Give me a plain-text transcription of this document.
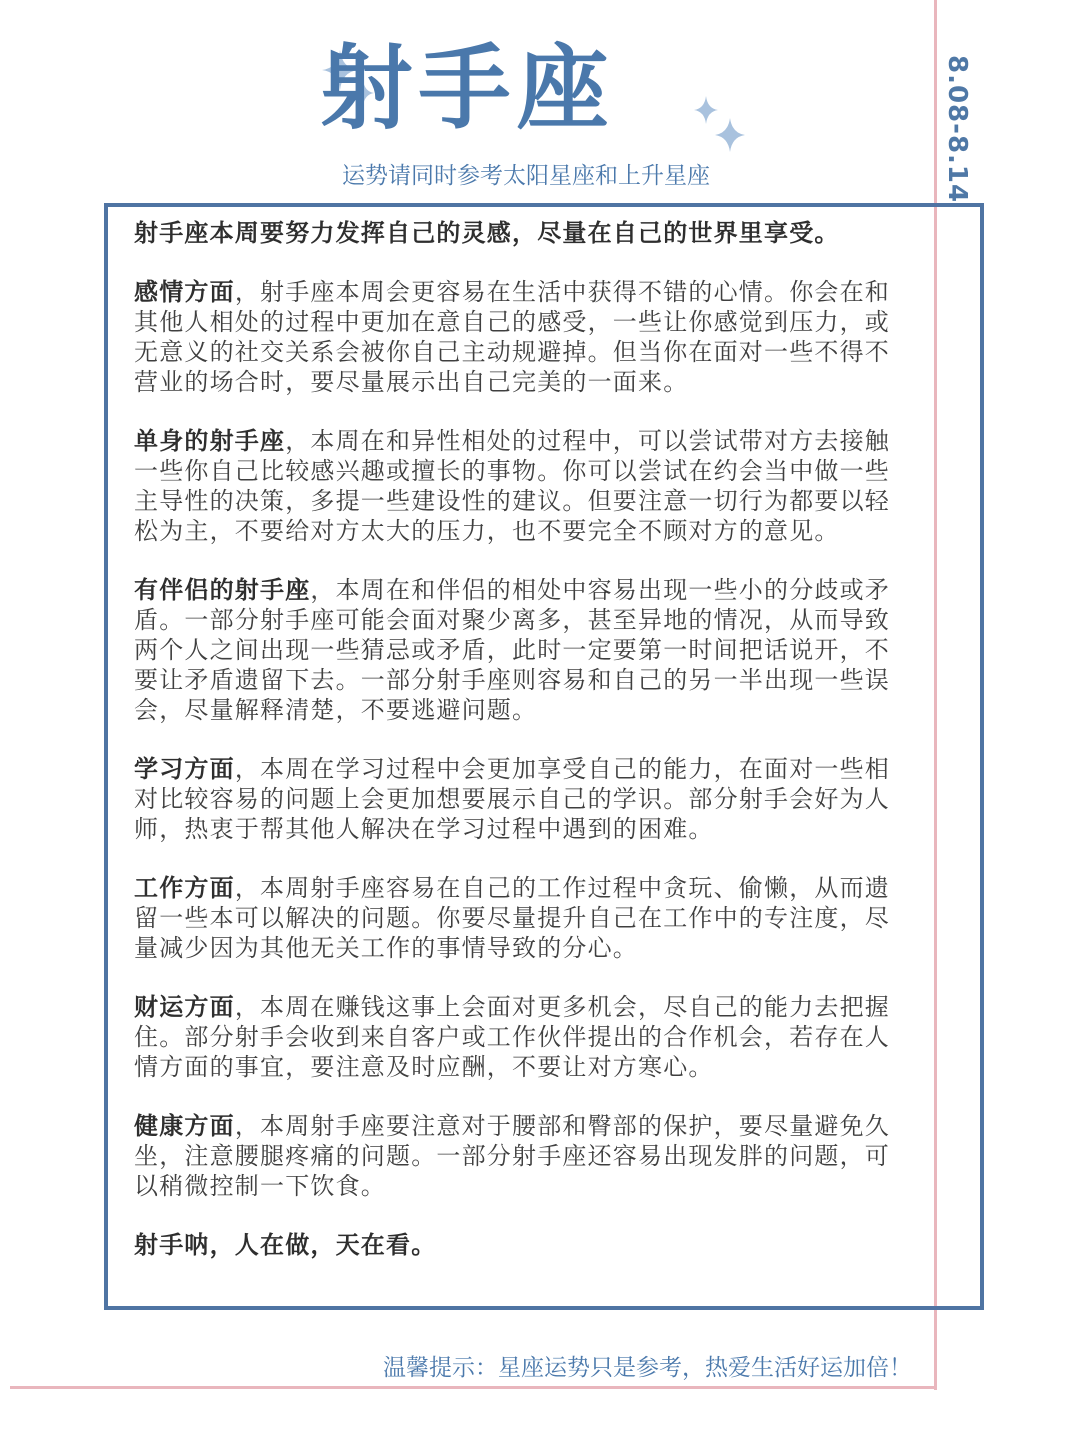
8.08-8.14
射手座
运势请同时参考太阳星座和上升星座

射手座本周要努力发挥自己的灵感，尽量在自己的世界里享受。

感情方面，射手座本周会更容易在生活中获得不错的心情。你会在和其他人相处的过程中更加在意自己的感受，一些让你感觉到压力，或无意义的社交关系会被你自己主动规避掉。但当你在面对一些不得不营业的场合时，要尽量展示出自己完美的一面来。

单身的射手座，本周在和异性相处的过程中，可以尝试带对方去接触一些你自己比较感兴趣或擅长的事物。你可以尝试在约会当中做一些主导性的决策，多提一些建设性的建议。但要注意一切行为都要以轻松为主，不要给对方太大的压力，也不要完全不顾对方的意见。

有伴侣的射手座，本周在和伴侣的相处中容易出现一些小的分歧或矛盾。一部分射手座可能会面对聚少离多，甚至异地的情况，从而导致两个人之间出现一些猜忌或矛盾，此时一定要第一时间把话说开，不要让矛盾遗留下去。一部分射手座则容易和自己的另一半出现一些误会，尽量解释清楚，不要逃避问题。

学习方面，本周在学习过程中会更加享受自己的能力，在面对一些相对比较容易的问题上会更加想要展示自己的学识。部分射手会好为人师，热衷于帮其他人解决在学习过程中遇到的困难。

工作方面，本周射手座容易在自己的工作过程中贪玩、偷懒，从而遗留一些本可以解决的问题。你要尽量提升自己在工作中的专注度，尽量减少因为其他无关工作的事情导致的分心。

财运方面，本周在赚钱这事上会面对更多机会，尽自己的能力去把握住。部分射手会收到来自客户或工作伙伴提出的合作机会，若存在人情方面的事宜，要注意及时应酬，不要让对方寒心。

健康方面，本周射手座要注意对于腰部和臀部的保护，要尽量避免久坐，注意腰腿疼痛的问题。一部分射手座还容易出现发胖的问题，可以稍微控制一下饮食。

射手呐，人在做，天在看。

温馨提示：星座运势只是参考，热爱生活好运加倍！
